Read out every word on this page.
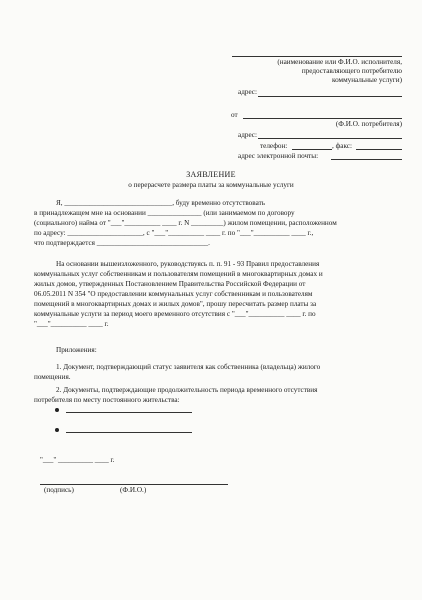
(наименование или Ф.И.О. исполнителя,
предоставляющего потребителю
коммунальные услуги)
адрес:
от
(Ф.И.О. потребителя)
адрес:
телефон:	, факс:
адрес электронной почты:
ЗАЯВЛЕНИЕ
о перерасчете размера платы за коммунальные услуги
Я, ______________________________, буду временно отсутствовать
в принадлежащем мне на основании _______________ (или занимаемом по договору
(социального) найма от "___"__________ ____ г. N _________) жилом помещении, расположенном
по адресу: _____________________, с "___"__________ ____ г. по "___"__________ ____ г.,
что подтверждается _______________________________.
На основании вышеизложенного, руководствуясь п. п. 91 - 93 Правил предоставления
коммунальных услуг собственникам и пользователям помещений в многоквартирных домах и
жилых домов, утвержденных Постановлением Правительства Российской Федерации от
06.05.2011 N 354 "О предоставлении коммунальных услуг собственникам и пользователям
помещений в многоквартирных домах и жилых домов", прошу пересчитать размер платы за
коммунальные услуги за период моего временного отсутствия с "___"__________ ____ г. по
"___"__________ ____ г.
Приложения:
1. Документ, подтверждающий статус заявителя как собственника (владельца) жилого
помещения.
2. Документы, подтверждающие продолжительность периода временного отсутствия
потребителя по месту постоянного жительства:
"___" __________ ____ г.
(подпись)	(Ф.И.О.)
